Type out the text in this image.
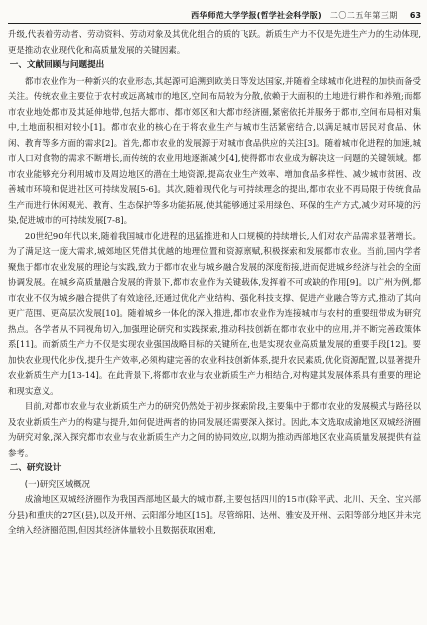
西华师范大学学报(哲学社会科学版) 二〇二五年第三期 63

升级,代表着劳动者、劳动资料、劳动对象及其优化组合的质的飞跃。新质生产力不仅是先进生产力的生动体现,更是推动农业现代化和高质量发展的关键因素。

一、文献回顾与问题提出

都市农业作为一种新兴的农业形态,其起源可追溯到欧美日等发达国家,并随着全球城市化进程的加快而备受关注。传统农业主要位于农村或远离城市的地区,空间布局较为分散,依赖于大面积的土地进行耕作和养殖;而都市农业地处都市及其延伸地带,包括大都市、都市郊区和大都市经济圈,紧密依托并服务于都市,空间布局相对集中,土地面积相对较小[1]。都市农业的核心在于将农业生产与城市生活紧密结合,以满足城市居民对食品、休闲、教育等多方面的需求[2]。首先,都市农业的发展源于对城市食品供应的关注[3]。随着城市化进程的加速,城市人口对食物的需求不断增长,而传统的农业用地逐渐减少[4],使得都市农业成为解决这一问题的关键领域。都市农业能够充分利用城市及周边地区的潜在土地资源,提高农业生产效率、增加食品多样性、减少城市贫困、改善城市环境和促进社区可持续发展[5-6]。其次,随着现代化与可持续理念的提出,都市农业不再局限于传统食品生产而进行休闲观光、教育、生态保护等多功能拓展,使其能够通过采用绿色、环保的生产方式,减少对环境的污染,促进城市的可持续发展[7-8]。

20世纪90年代以来,随着我国城市化进程的迅猛推进和人口规模的持续增长,人们对农产品需求显著增长。为了满足这一庞大需求,城郊地区凭借其优越的地理位置和资源禀赋,积极探索和发展都市农业。当前,国内学者聚焦于都市农业发展的理论与实践,致力于都市农业与城乡融合发展的深度衔接,进而促进城乡经济与社会的全面协调发展。在城乡高质量融合发展的背景下,都市农业作为关键载体,发挥着不可或缺的作用[9]。以广州为例,都市农业不仅为城乡融合提供了有效途径,还通过优化产业结构、强化科技支撑、促进产业融合等方式,推动了其向更广范围、更高层次发展[10]。随着城乡一体化的深入推进,都市农业作为连接城市与农村的重要纽带成为研究热点。各学者从不同视角切入,加强理论研究和实践探索,推动科技创新在都市农业中的应用,并不断完善政策体系[11]。而新质生产力不仅是实现农业强国战略目标的关键所在,也是实现农业高质量发展的重要手段[12]。要加快农业现代化步伐,提升生产效率,必须构建完善的农业科技创新体系,提升农民素质,优化资源配置,以显著提升农业新质生产力[13-14]。在此背景下,将都市农业与农业新质生产力相结合,对构建其发展体系具有重要的理论和现实意义。

目前,对都市农业与农业新质生产力的研究仍然处于初步探索阶段,主要集中于都市农业的发展模式与路径以及农业新质生产力的构建与提升,如何促进两者的协同发展还需要深入探讨。因此,本文选取成渝地区双城经济圈为研究对象,深入探究都市农业与农业新质生产力之间的协同效应,以期为推动西部地区农业高质量发展提供有益参考。

二、研究设计
(一)研究区域概况

成渝地区双城经济圈作为我国西部地区最大的城市群,主要包括四川的15市(除平武、北川、天全、宝兴部分县)和重庆的27区(县),以及开州、云阳部分地区[15]。尽管绵阳、达州、雅安及开州、云阳等部分地区并未完全纳入经济圈范围,但因其经济体量较小且数据获取困难,
